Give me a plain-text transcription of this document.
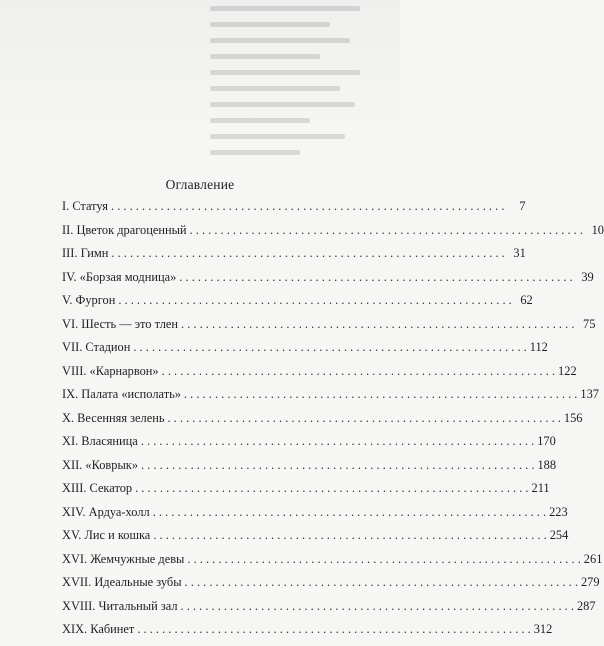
Оглавление
I. Статуя . . .	7
II. Цветок драгоценный . . .	10
III. Гимн . . .	31
IV. «Борзая модница» . . .	39
V. Фургон . . .	62
VI. Шесть — это тлен . . .	75
VII. Стадион . . .	112
VIII. «Карнарвон» . . .	122
IX. Палата «исполать» . . .	137
X. Весенняя зелень . . .	156
XI. Власяница . . .	170
XII. «Коврык» . . .	188
XIII. Секатор . . .	211
XIV. Ардуа-холл . . .	223
XV. Лис и кошка . . .	254
XVI. Жемчужные девы . . .	261
XVII. Идеальные зубы . . .	279
XVIII. Читальный зал . . .	287
XIX. Кабинет . . .	312
